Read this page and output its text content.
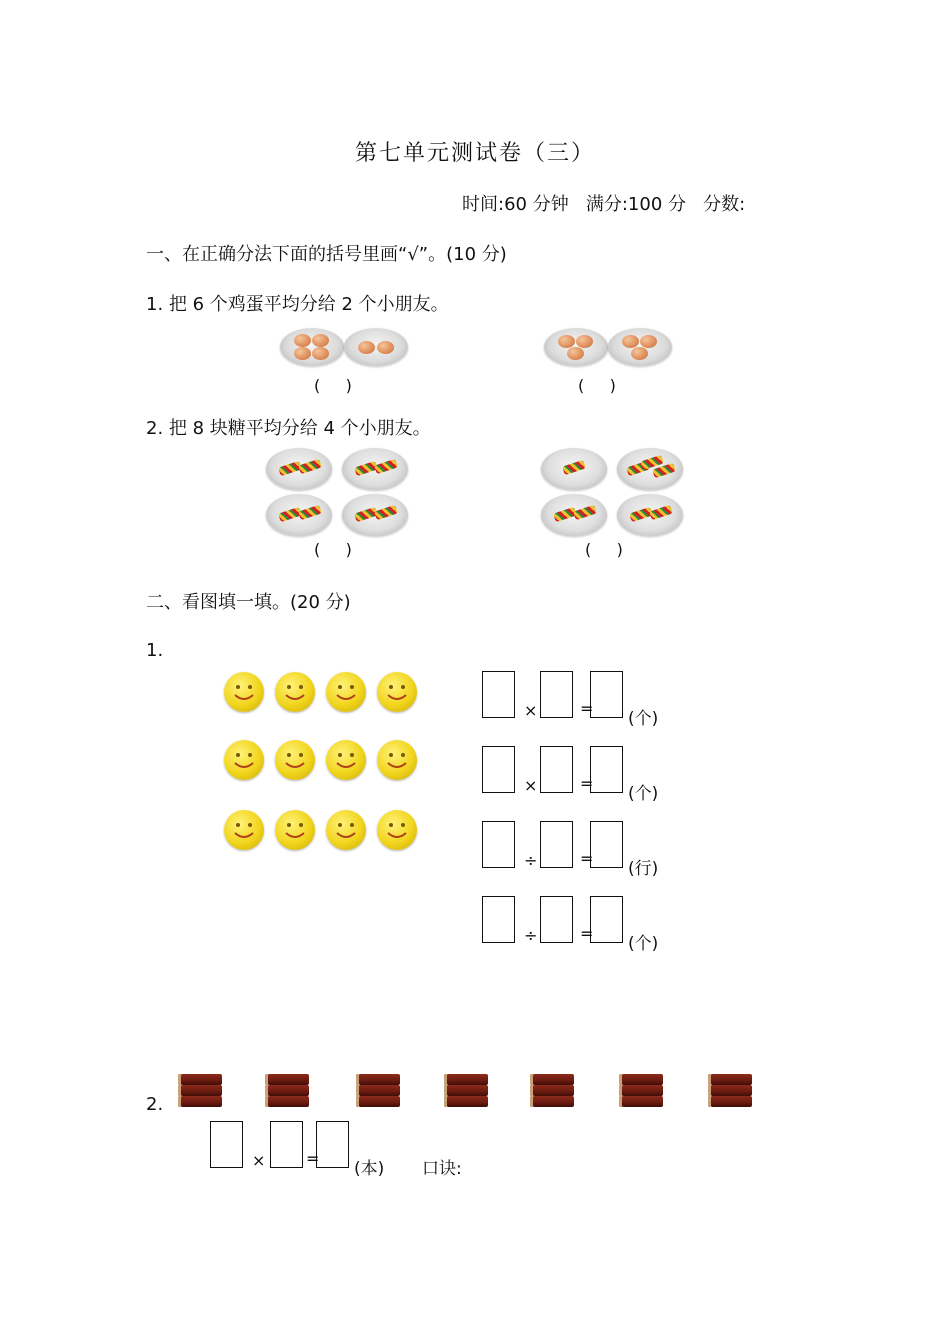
第七单元测试卷（三）
时间:60 分钟   满分:100 分   分数:
一、在正确分法下面的括号里画“√”。(10 分)
1. 把 6 个鸡蛋平均分给 2 个小朋友。
(     )	(     )
2. 把 8 块糖平均分给 4 个小朋友。
(     )	(     )
二、看图填一填。(20 分)
1.
×	=
(个)
×	=
(个)
÷	=
(行)
÷	=
(个)
2.
×	=
(本) 口诀:
